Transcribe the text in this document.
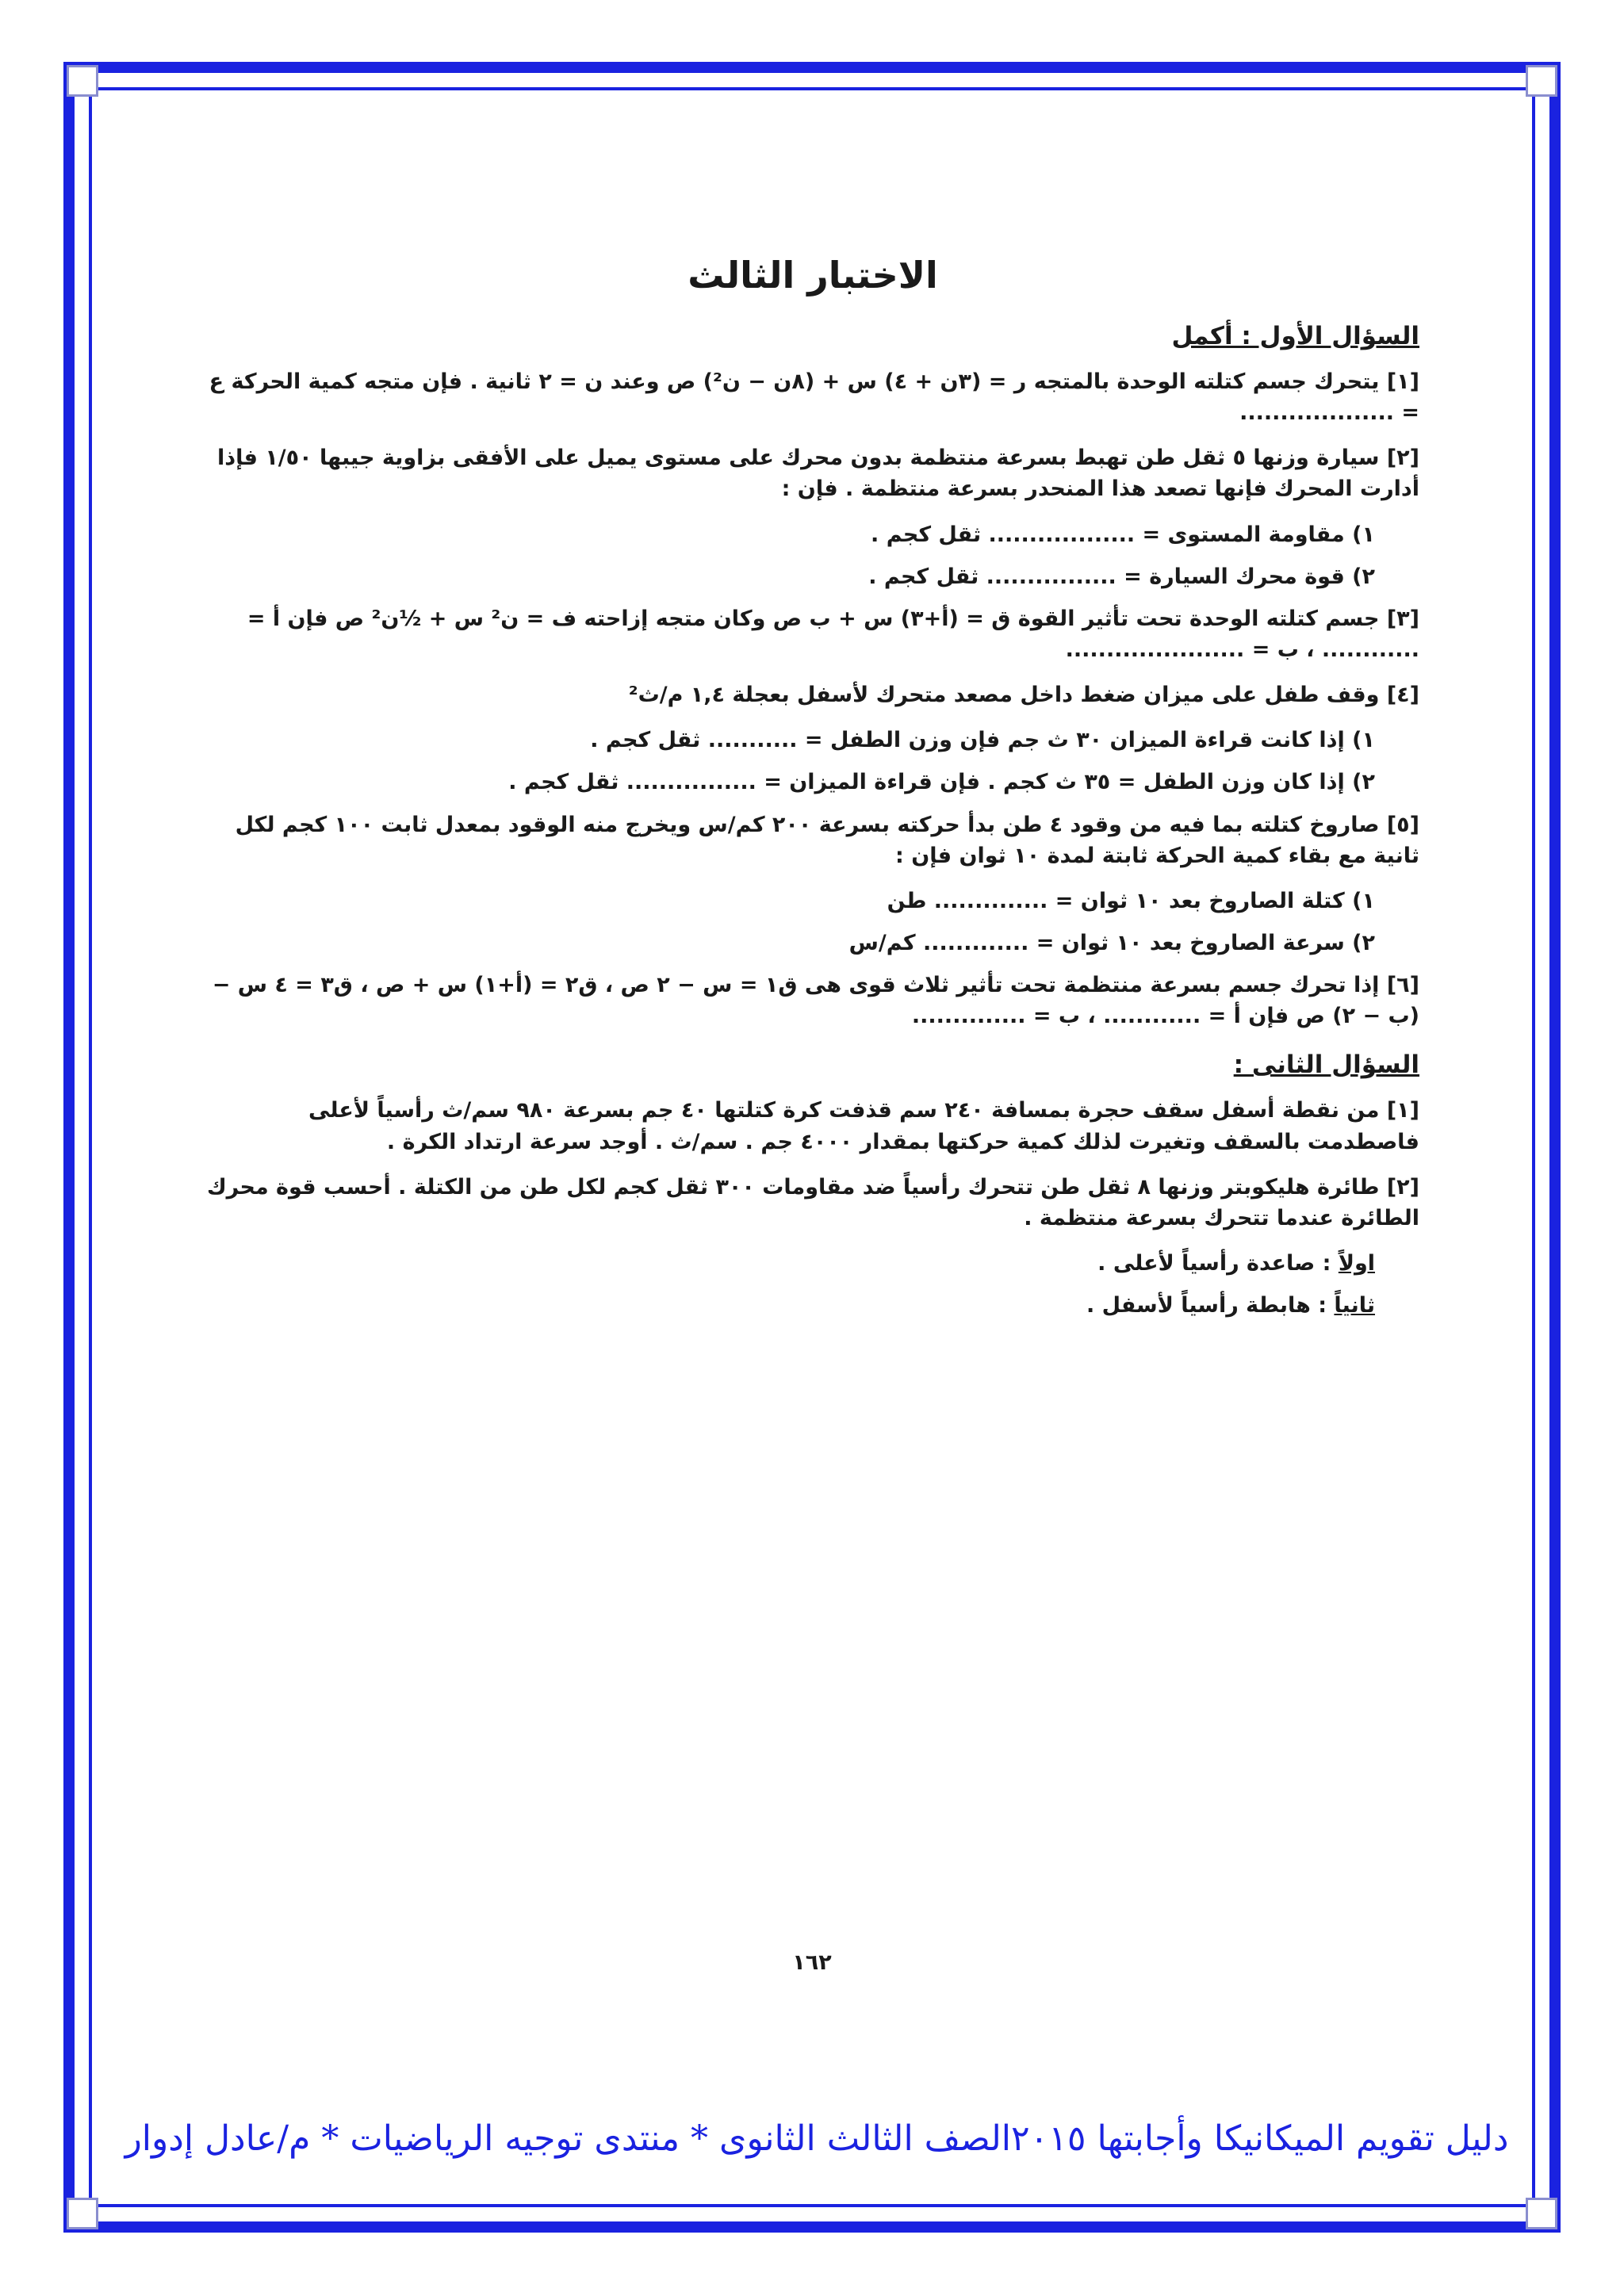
الاختبار الثالث
السؤال الأول : أكمل
[١] يتحرك جسم كتلته الوحدة بالمتجه ر = (٣ن + ٤) س + (٨ن − ن²) ص وعند ن = ٢ ثانية . فإن متجه كمية الحركة ع = ...................
[٢] سيارة وزنها ٥ ثقل طن تهبط بسرعة منتظمة بدون محرك على مستوى يميل على الأفقى بزاوية جيبها ١/٥٠ فإذا أدارت المحرك فإنها تصعد هذا المنحدر بسرعة منتظمة . فإن :
١) مقاومة المستوى = .................. ثقل كجم .
٢) قوة محرك السيارة = ................ ثقل كجم .
[٣] جسم كتلته الوحدة تحت تأثير القوة ق = (أ+٣) س + ب ص وكان متجه إزاحته ف = ن² س + ½ن² ص فإن أ = ............ ، ب = ......................
[٤] وقف طفل على ميزان ضغط داخل مصعد متحرك لأسفل بعجلة ١,٤ م/ث²
١) إذا كانت قراءة الميزان ٣٠ ث جم فإن وزن الطفل = ........... ثقل كجم .
٢) إذا كان وزن الطفل = ٣٥ ث كجم . فإن قراءة الميزان = ................ ثقل كجم .
[٥] صاروخ كتلته بما فيه من وقود ٤ طن بدأ حركته بسرعة ٢٠٠ كم/س ويخرج منه الوقود بمعدل ثابت ١٠٠ كجم لكل ثانية مع بقاء كمية الحركة ثابتة لمدة ١٠ ثوان فإن :
١) كتلة الصاروخ بعد ١٠ ثوان = .............. طن
٢) سرعة الصاروخ بعد ١٠ ثوان = ............. كم/س
[٦] إذا تحرك جسم بسرعة منتظمة تحت تأثير ثلاث قوى هى ق١ = س − ٢ ص ، ق٢ = (أ+١) س + ص ، ق٣ = ٤ س − (ب − ٢) ص فإن أ = ............ ، ب = ..............
السؤال الثانى :
[١] من نقطة أسفل سقف حجرة بمسافة ٢٤٠ سم قذفت كرة كتلتها ٤٠ جم بسرعة ٩٨٠ سم/ث رأسياً لأعلى فاصطدمت بالسقف وتغيرت لذلك كمية حركتها بمقدار ٤٠٠٠ جم . سم/ث . أوجد سرعة ارتداد الكرة .
[٢] طائرة هليكوبتر وزنها ٨ ثقل طن تتحرك رأسياً ضد مقاومات ٣٠٠ ثقل كجم لكل طن من الكتلة . أحسب قوة محرك الطائرة عندما تتحرك بسرعة منتظمة .
اولاً : صاعدة رأسياً لأعلى .
ثانياً : هابطة رأسياً لأسفل .
١٦٢
دليل تقويم الميكانيكا وأجابتها ٢٠١٥الصف الثالث الثانوى * منتدى توجيه الرياضيات * م/عادل إدوار
